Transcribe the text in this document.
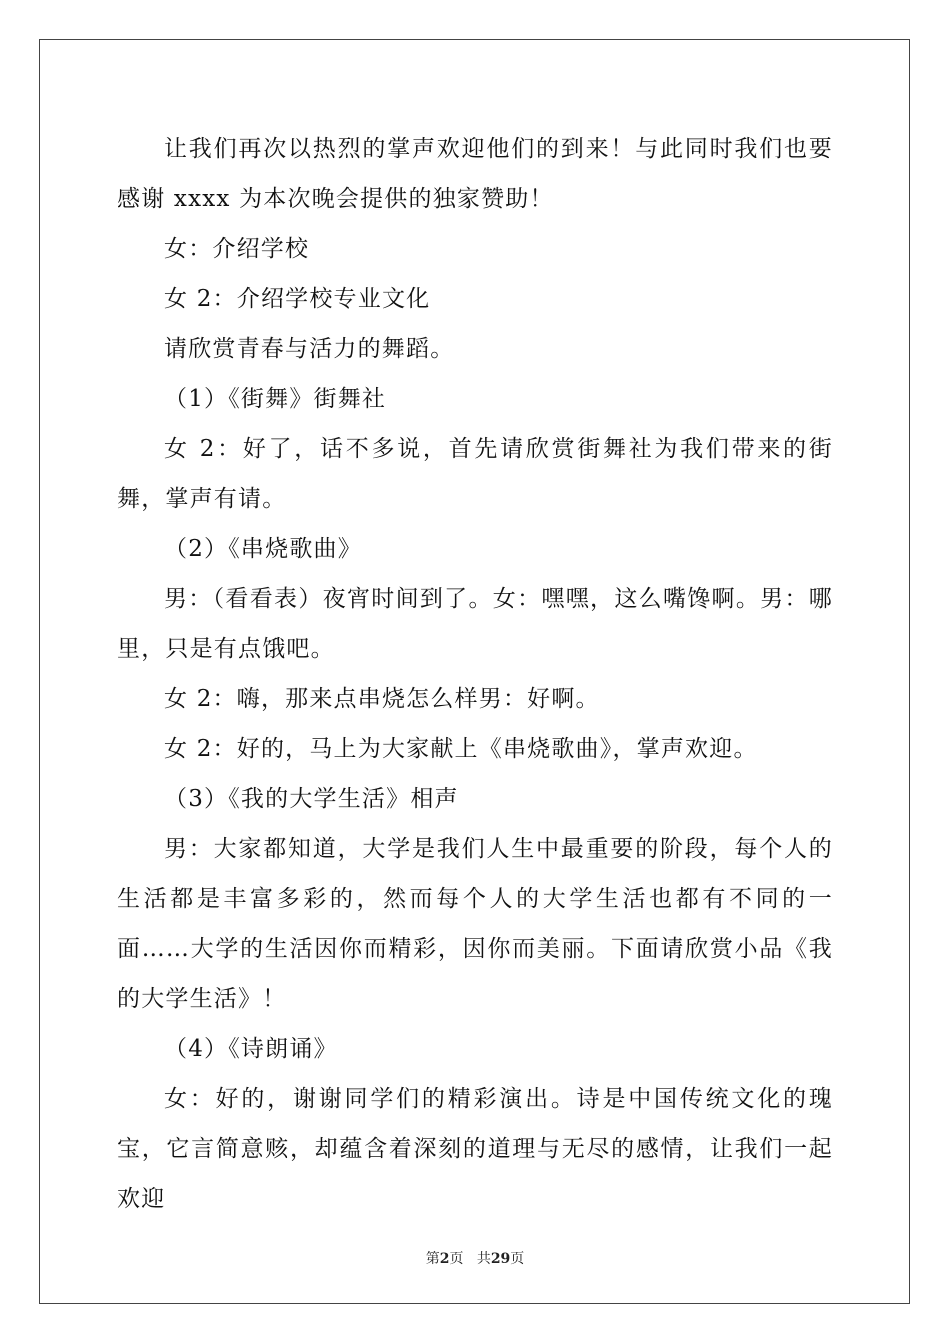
让我们再次以热烈的掌声欢迎他们的到来！与此同时我们也要感谢 xxxx 为本次晚会提供的独家赞助！

女：介绍学校

女 2：介绍学校专业文化

请欣赏青春与活力的舞蹈。

（1）《街舞》街舞社

女 2：好了，话不多说，首先请欣赏街舞社为我们带来的街舞，掌声有请。

（2）《串烧歌曲》

男：（看看表）夜宵时间到了。女：嘿嘿，这么嘴馋啊。男：哪里，只是有点饿吧。

女 2：嗨，那来点串烧怎么样男：好啊。

女 2：好的，马上为大家献上《串烧歌曲》，掌声欢迎。

（3）《我的大学生活》相声

男：大家都知道，大学是我们人生中最重要的阶段，每个人的生活都是丰富多彩的，然而每个人的大学生活也都有不同的一面……大学的生活因你而精彩，因你而美丽。下面请欣赏小品《我的大学生活》！

（4）《诗朗诵》

女：好的，谢谢同学们的精彩演出。诗是中国传统文化的瑰宝，它言简意赅，却蕴含着深刻的道理与无尽的感情，让我们一起欢迎

第2页 共29页
